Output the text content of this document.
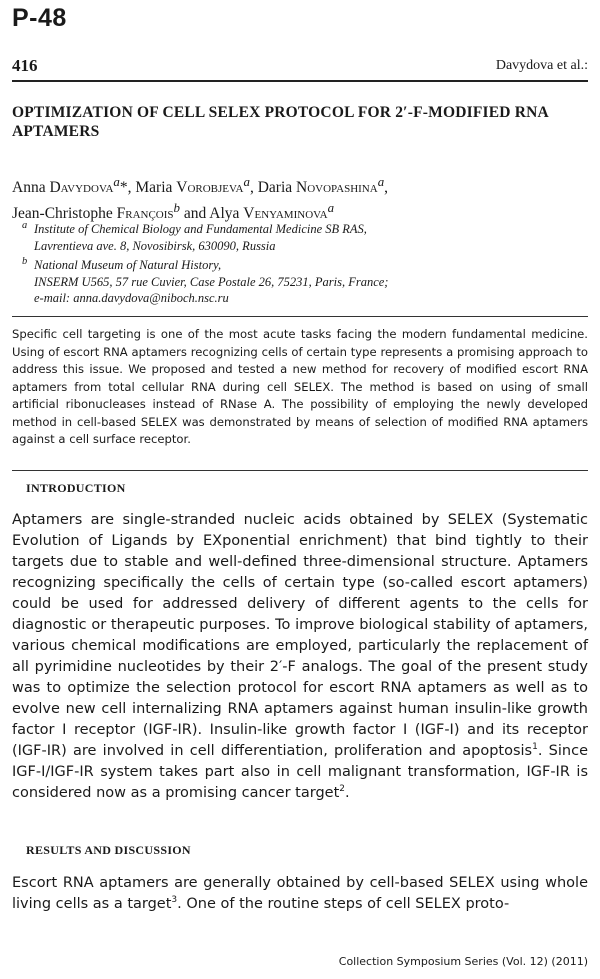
P-48
416	Davydova et al.:
OPTIMIZATION OF CELL SELEX PROTOCOL FOR 2′-F-MODIFIED RNA APTAMERS
Anna Davydova$^a$*, Maria Vorobjeva$^a$, Daria Novopashina$^a$,
Jean-Christophe François$^b$ and Alya Venyaminova$^a$
$^a$ Institute of Chemical Biology and Fundamental Medicine SB RAS,
Lavrentieva ave. 8, Novosibirsk, 630090, Russia
$^b$ National Museum of Natural History,
INSERM U565, 57 rue Cuvier, Case Postale 26, 75231, Paris, France;
e-mail: anna.davydova@niboch.nsc.ru
Specific cell targeting is one of the most acute tasks facing the modern fundamental medicine. Using of escort RNA aptamers recognizing cells of certain type represents a promising approach to address this issue. We proposed and tested a new method for recovery of modified escort RNA aptamers from total cellular RNA during cell SELEX. The method is based on using of small artificial ribonucleases instead of RNase A. The possibility of employing the newly developed method in cell-based SELEX was demonstrated by means of selection of modified RNA aptamers against a cell surface receptor.
INTRODUCTION
Aptamers are single-stranded nucleic acids obtained by SELEX (Systematic Evolution of Ligands by EXponential enrichment) that bind tightly to their targets due to stable and well-defined three-dimensional structure. Aptamers recognizing specifically the cells of certain type (so-called escort aptamers) could be used for addressed delivery of different agents to the cells for diagnostic or therapeutic purposes. To improve biological stability of aptamers, various chemical modifications are employed, particularly the replacement of all pyrimidine nucleotides by their 2′-F analogs. The goal of the present study was to optimize the selection protocol for escort RNA aptamers as well as to evolve new cell internalizing RNA aptamers against human insulin-like growth factor I receptor (IGF-IR). Insulin-like growth factor I (IGF-I) and its receptor (IGF-IR) are involved in cell differentiation, proliferation and apoptosis$^1$. Since IGF-I/IGF-IR system takes part also in cell malignant transformation, IGF-IR is considered now as a promising cancer target$^2$.
RESULTS AND DISCUSSION
Escort RNA aptamers are generally obtained by cell-based SELEX using whole living cells as a target$^3$. One of the routine steps of cell SELEX proto-
Collection Symposium Series (Vol. 12) (2011)
